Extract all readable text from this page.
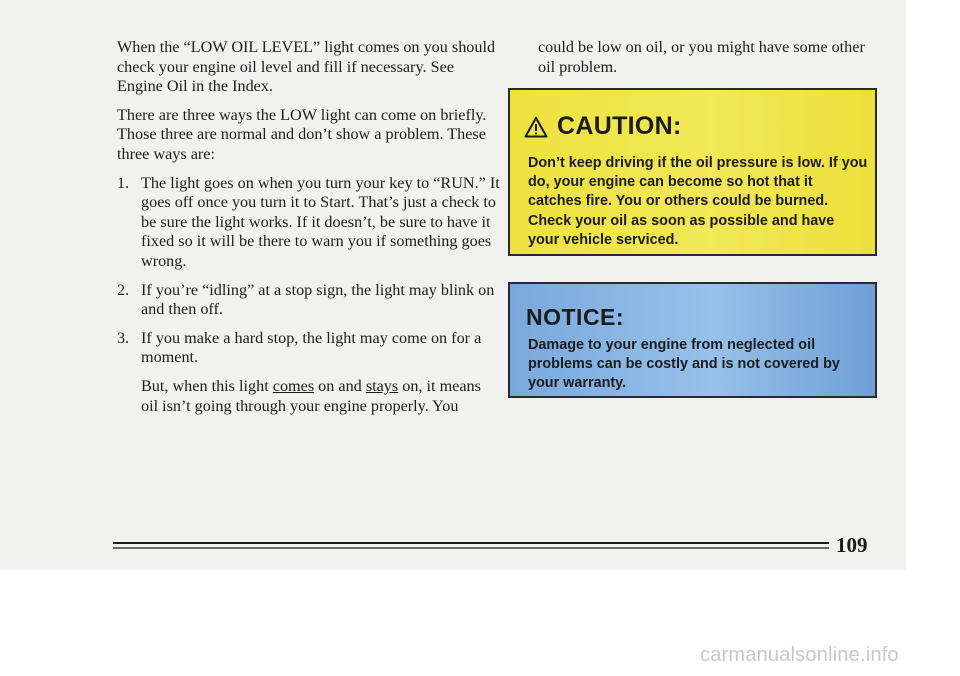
When the “LOW OIL LEVEL” light comes on you should check your engine oil level and fill if necessary. See Engine Oil in the Index.

There are three ways the LOW light can come on briefly. Those three are normal and don’t show a problem. These three ways are:

1. The light goes on when you turn your key to “RUN.” It goes off once you turn it to Start. That’s just a check to be sure the light works. If it doesn’t, be sure to have it fixed so it will be there to warn you if something goes wrong.
2. If you’re “idling” at a stop sign, the light may blink on and then off.
3. If you make a hard stop, the light may come on for a moment.

But, when this light comes on and stays on, it means oil isn’t going through your engine properly. You

could be low on oil, or you might have some other oil problem.

CAUTION:
Don’t keep driving if the oil pressure is low. If you do, your engine can become so hot that it catches fire. You or others could be burned. Check your oil as soon as possible and have your vehicle serviced.
NOTICE:
Damage to your engine from neglected oil problems can be costly and is not covered by your warranty.
109
carmanualsonline.info
